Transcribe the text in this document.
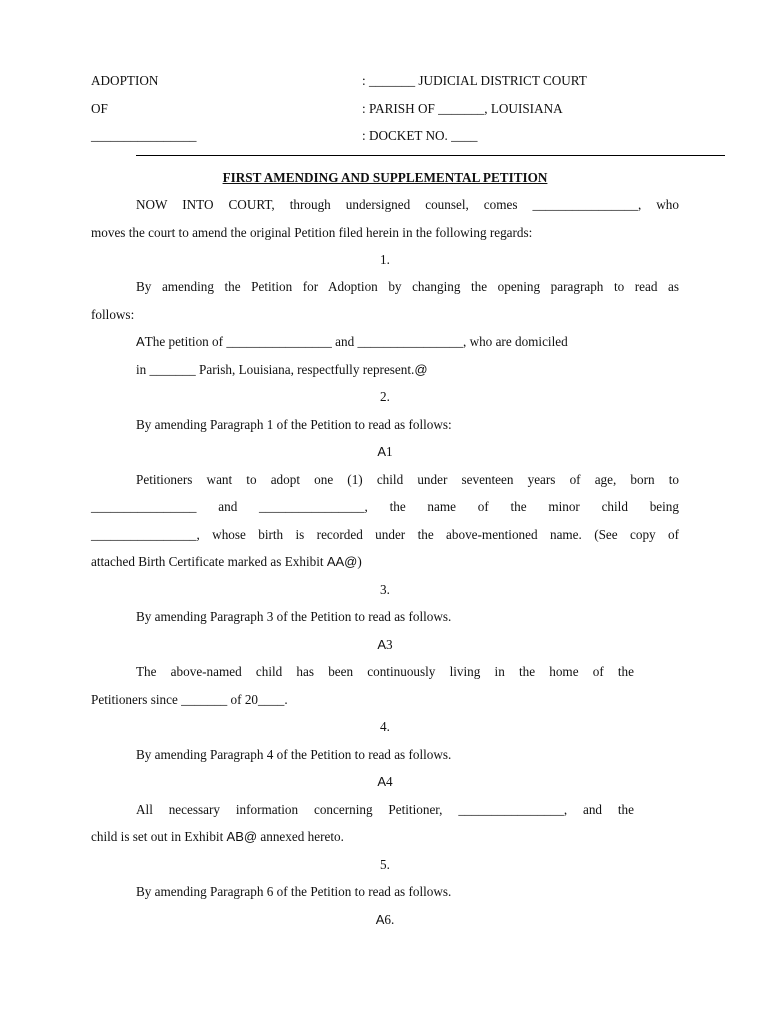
ADOPTION
OF
________________
: _______ JUDICIAL DISTRICT COURT
: PARISH OF _______, LOUISIANA
: DOCKET NO. ____
FIRST AMENDING AND SUPPLEMENTAL PETITION
NOW INTO COURT, through undersigned counsel, comes ________________, who
moves the court to amend the original Petition filed herein in the following regards:
1.
By amending the Petition for Adoption by changing the opening paragraph to read as
follows:
AThe petition of ________________ and ________________, who are domiciled
in _______ Parish, Louisiana, respectfully represent.@
2.
By amending Paragraph 1 of the Petition to read as follows:
A1
Petitioners want to adopt one (1) child under seventeen years of age, born to
________________ and ________________, the name of the minor child being
________________, whose birth is recorded under the above-mentioned name. (See copy of
attached Birth Certificate marked as Exhibit AA@)
3.
By amending Paragraph 3 of the Petition to read as follows.
A3
The above-named child has been continuously living in the home of the
Petitioners since _______ of 20____.
4.
By amending Paragraph 4 of the Petition to read as follows.
A4
All necessary information concerning Petitioner, ________________, and the
child is set out in Exhibit AB@ annexed hereto.
5.
By amending Paragraph 6 of the Petition to read as follows.
A6.
